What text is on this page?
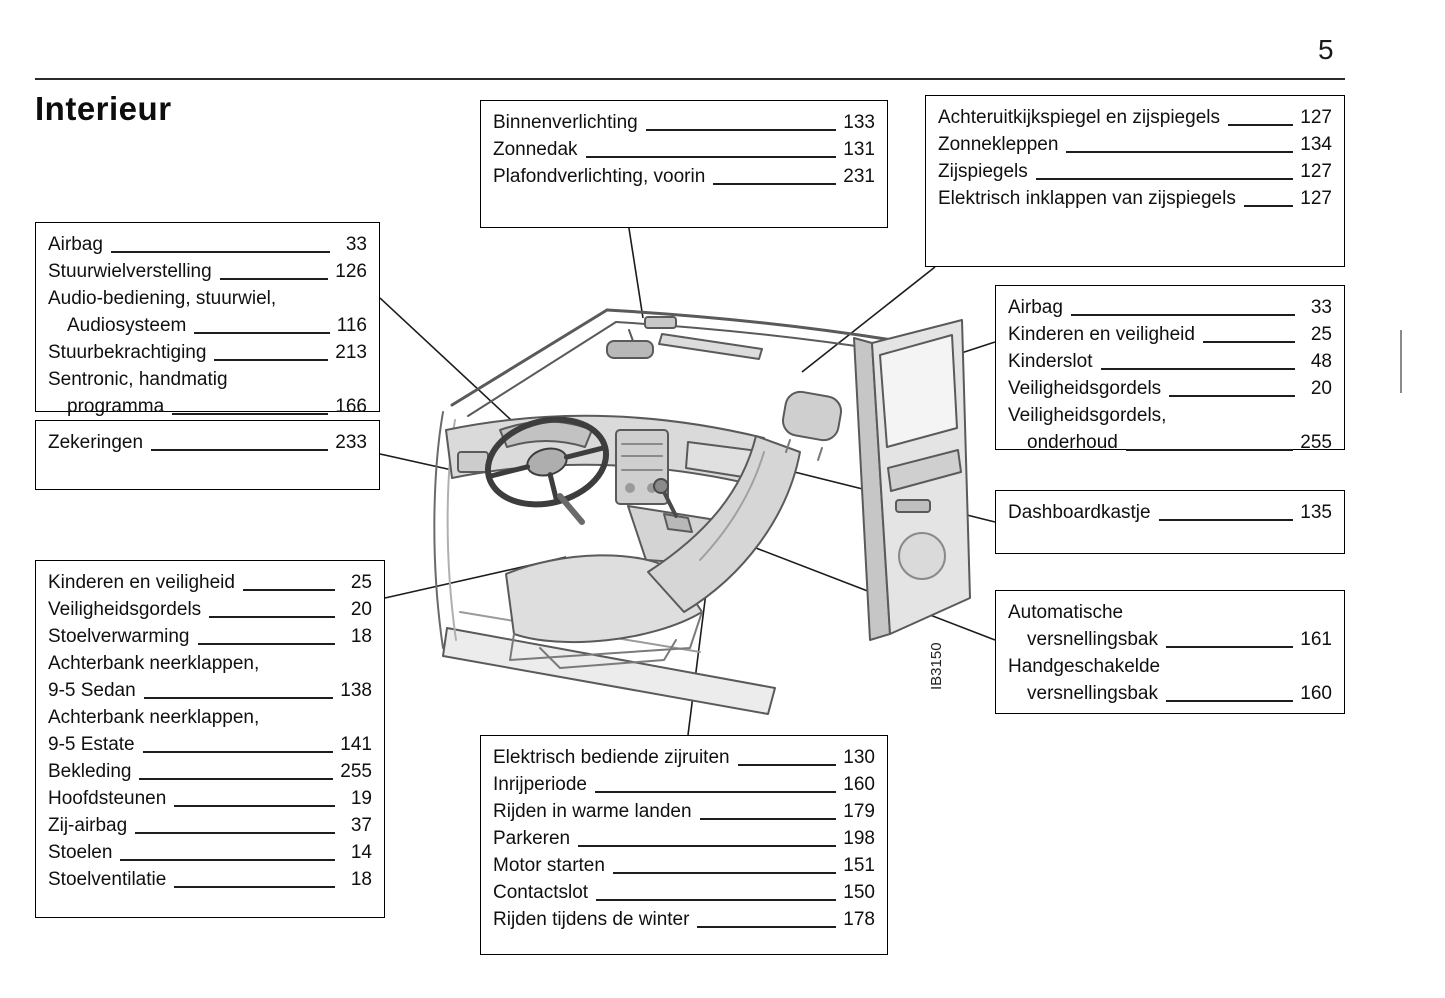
5
Interieur
IB3150
Binnenverlichting	133
Zonnedak	131
Plafondverlichting, voorin	231
Achteruitkijkspiegel en zijspiegels	127
Zonnekleppen	134
Zijspiegels	127
Elektrisch inklappen van zijspiegels	127
Airbag	33
Stuurwielverstelling	126
Audio-bediening, stuurwiel,
Audiosysteem	116
Stuurbekrachtiging	213
Sentronic, handmatig
programma	166
Zekeringen	233
Airbag	33
Kinderen en veiligheid	25
Kinderslot	48
Veiligheidsgordels	20
Veiligheidsgordels,
onderhoud	255
Dashboardkastje	135
Automatische
versnellingsbak	161
Handgeschakelde
versnellingsbak	160
Kinderen en veiligheid	25
Veiligheidsgordels	20
Stoelverwarming	18
Achterbank neerklappen,
9-5 Sedan	138
Achterbank neerklappen,
9-5 Estate	141
Bekleding	255
Hoofdsteunen	19
Zij-airbag	37
Stoelen	14
Stoelventilatie	18
Elektrisch bediende zijruiten	130
Inrijperiode	160
Rijden in warme landen	179
Parkeren	198
Motor starten	151
Contactslot	150
Rijden tijdens de winter	178
